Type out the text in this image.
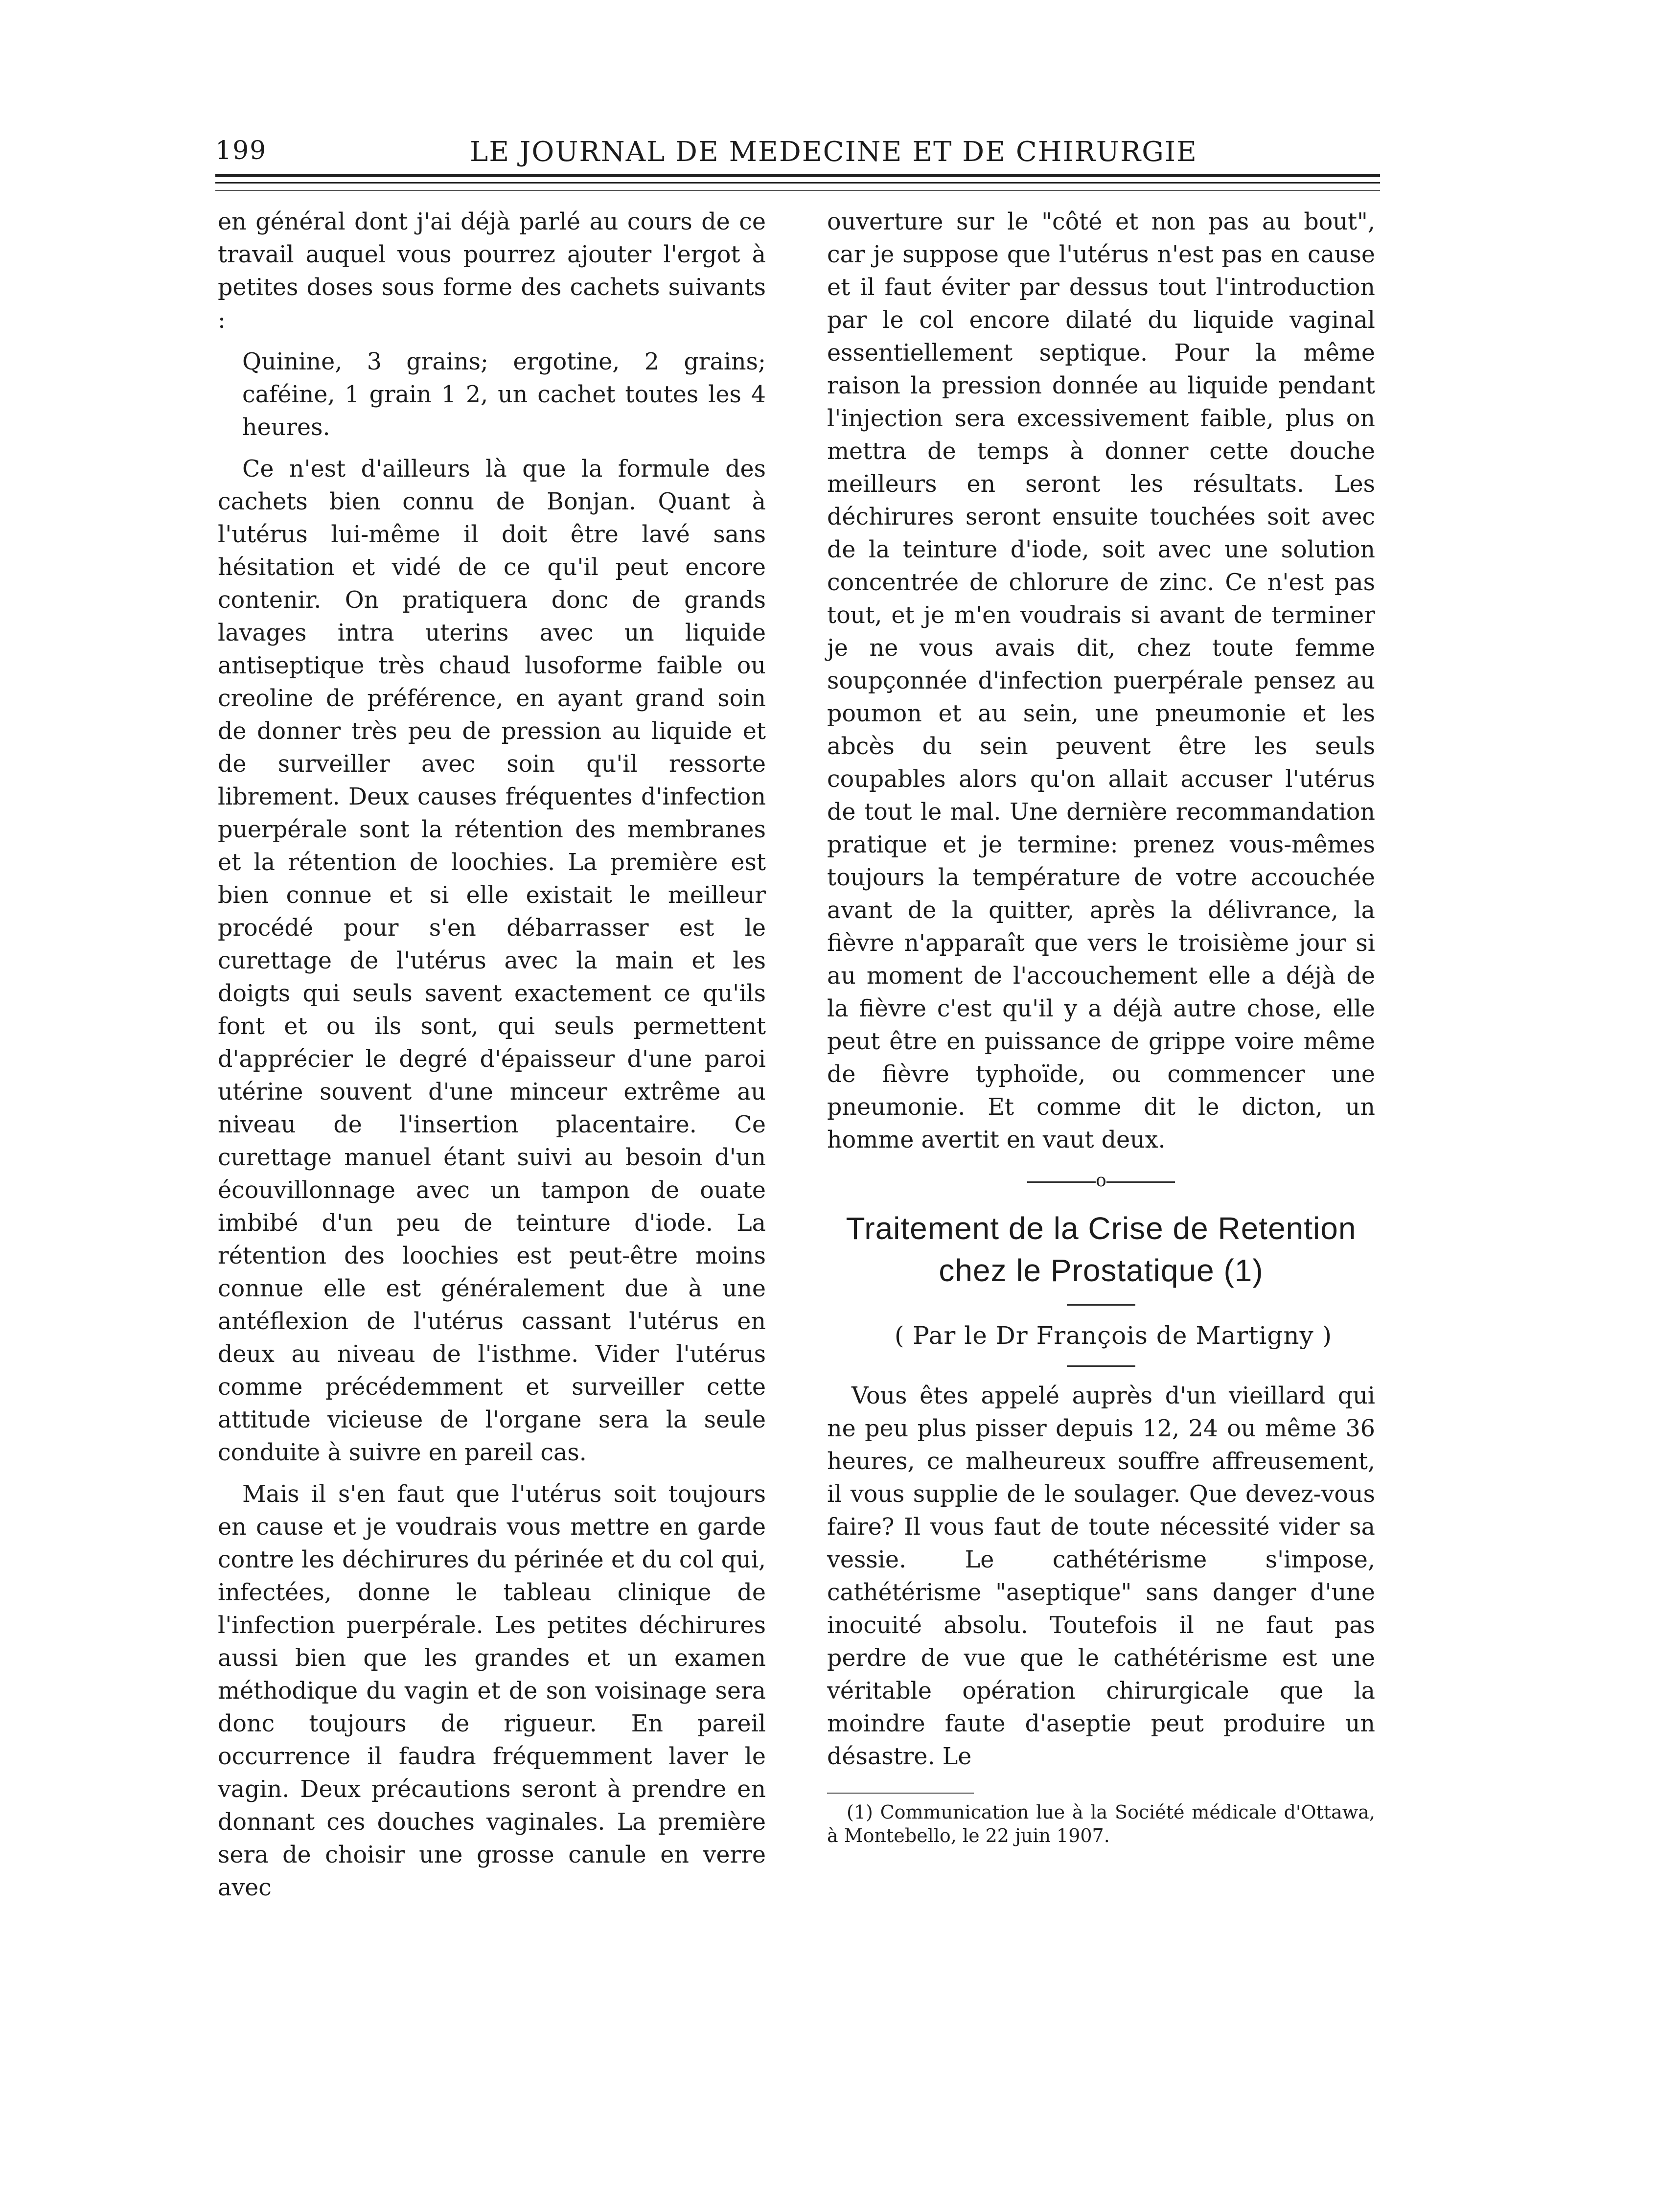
199	LE JOURNAL DE MEDECINE ET DE CHIRURGIE

en général dont j'ai déjà parlé au cours de ce travail auquel vous pourrez ajouter l'ergot à petites doses sous forme des cachets suivants :

Quinine, 3 grains; ergotine, 2 grains; caféine, 1 grain 1 2, un cachet toutes les 4 heures.

Ce n'est d'ailleurs là que la formule des cachets bien connu de Bonjan. Quant à l'utérus lui-même il doit être lavé sans hésitation et vidé de ce qu'il peut encore contenir. On pratiquera donc de grands lavages intra uterins avec un liquide antiseptique très chaud lusoforme faible ou creoline de préférence, en ayant grand soin de donner très peu de pression au liquide et de surveiller avec soin qu'il ressorte librement. Deux causes fréquentes d'infection puerpérale sont la rétention des membranes et la rétention de loochies. La première est bien connue et si elle existait le meilleur procédé pour s'en débarrasser est le curettage de l'utérus avec la main et les doigts qui seuls savent exactement ce qu'ils font et ou ils sont, qui seuls permettent d'apprécier le degré d'épaisseur d'une paroi utérine souvent d'une minceur extrême au niveau de l'insertion placentaire. Ce curettage manuel étant suivi au besoin d'un écouvillonnage avec un tampon de ouate imbibé d'un peu de teinture d'iode. La rétention des loochies est peut-être moins connue elle est généralement due à une antéflexion de l'utérus cassant l'utérus en deux au niveau de l'isthme. Vider l'utérus comme précédemment et surveiller cette attitude vicieuse de l'organe sera la seule conduite à suivre en pareil cas.

Mais il s'en faut que l'utérus soit toujours en cause et je voudrais vous mettre en garde contre les déchirures du périnée et du col qui, infectées, donne le tableau clinique de l'infection puerpérale. Les petites déchirures aussi bien que les grandes et un examen méthodique du vagin et de son voisinage sera donc toujours de rigueur. En pareil occurrence il faudra fréquemment laver le vagin. Deux précautions seront à prendre en donnant ces douches vaginales. La première sera de choisir une grosse canule en verre avec

ouverture sur le "côté et non pas au bout", car je suppose que l'utérus n'est pas en cause et il faut éviter par dessus tout l'introduction par le col encore dilaté du liquide vaginal essentiellement septique. Pour la même raison la pression donnée au liquide pendant l'injection sera excessivement faible, plus on mettra de temps à donner cette douche meilleurs en seront les résultats. Les déchirures seront ensuite touchées soit avec de la teinture d'iode, soit avec une solution concentrée de chlorure de zinc. Ce n'est pas tout, et je m'en voudrais si avant de terminer je ne vous avais dit, chez toute femme soupçonnée d'infection puerpérale pensez au poumon et au sein, une pneumonie et les abcès du sein peuvent être les seuls coupables alors qu'on allait accuser l'utérus de tout le mal. Une dernière recommandation pratique et je termine: prenez vous-mêmes toujours la température de votre accouchée avant de la quitter, après la délivrance, la fièvre n'apparaît que vers le troisième jour si au moment de l'accouchement elle a déjà de la fièvre c'est qu'il y a déjà autre chose, elle peut être en puissance de grippe voire même de fièvre typhoïde, ou commencer une pneumonie. Et comme dit le dicton, un homme avertit en vaut deux.

o
Traitement de la Crise de Retention chez le Prostatique (1)

( Par le Dr François de Martigny )

Vous êtes appelé auprès d'un vieillard qui ne peu plus pisser depuis 12, 24 ou même 36 heures, ce malheureux souffre affreusement, il vous supplie de le soulager. Que devez-vous faire? Il vous faut de toute nécessité vider sa vessie. Le cathétérisme s'impose, cathétérisme "aseptique" sans danger d'une inocuité absolu. Toutefois il ne faut pas perdre de vue que le cathétérisme est une véritable opération chirurgicale que la moindre faute d'aseptie peut produire un désastre. Le

(1) Communication lue à la Société médicale d'Ottawa, à Montebello, le 22 juin 1907.
